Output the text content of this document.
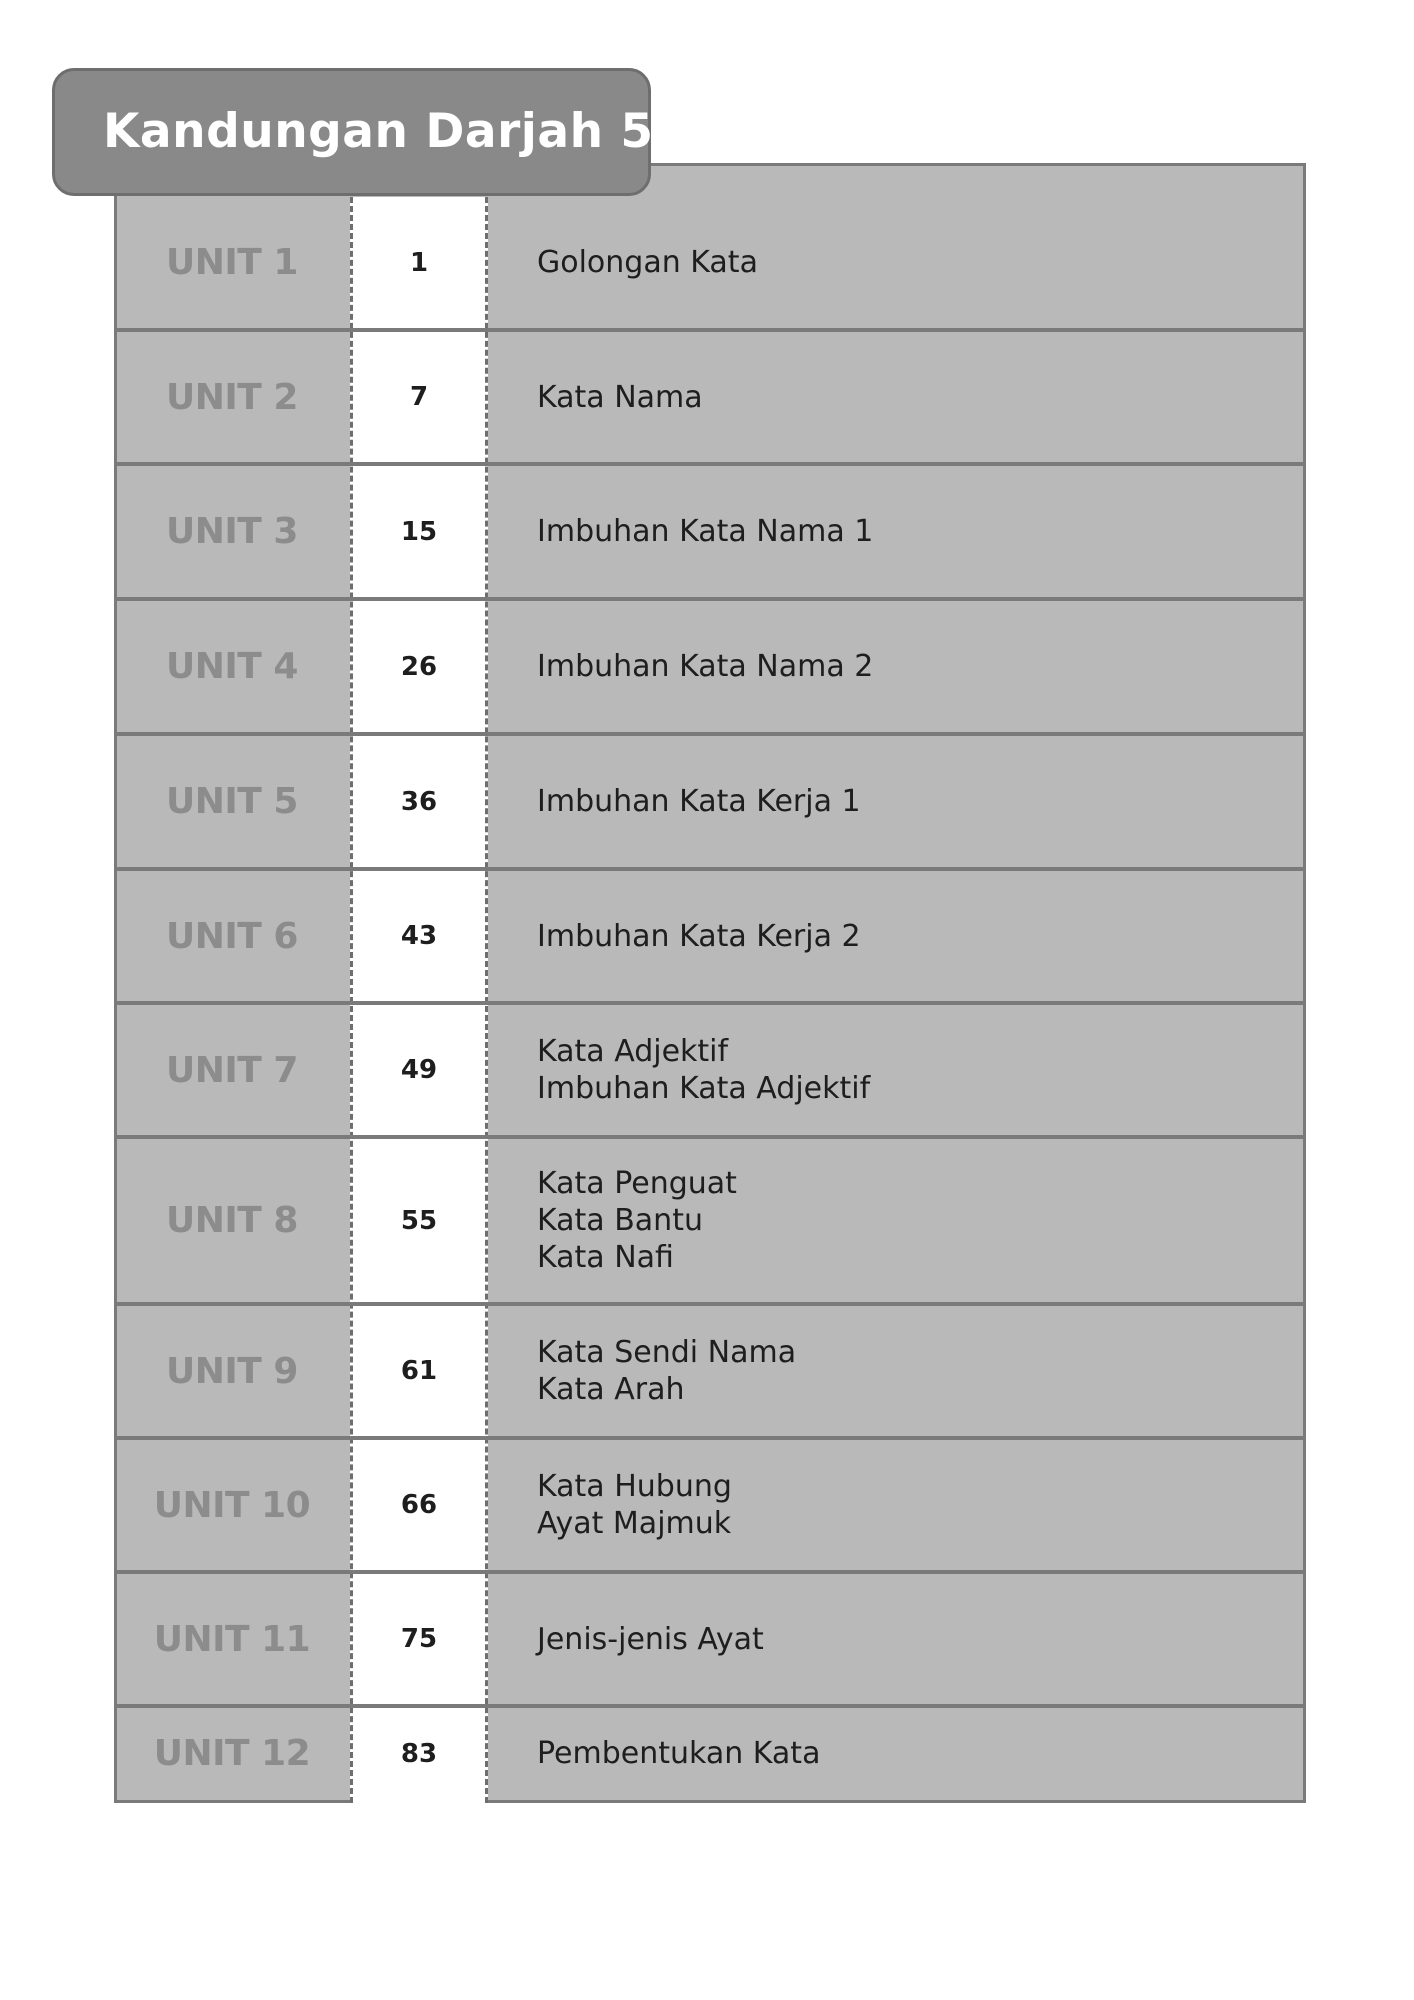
Kandungan Darjah 5
UNIT 1	1	Golongan Kata
UNIT 2	7	Kata Nama
UNIT 3	15	Imbuhan Kata Nama 1
UNIT 4	26	Imbuhan Kata Nama 2
UNIT 5	36	Imbuhan Kata Kerja 1
UNIT 6	43	Imbuhan Kata Kerja 2
UNIT 7	49
Kata Adjektif
Imbuhan Kata Adjektif
UNIT 8	55
Kata Penguat
Kata Bantu
Kata Nafi
UNIT 9	61
Kata Sendi Nama
Kata Arah
UNIT 10	66
Kata Hubung
Ayat Majmuk
UNIT 11	75	Jenis-jenis Ayat
UNIT 12	83	Pembentukan Kata
